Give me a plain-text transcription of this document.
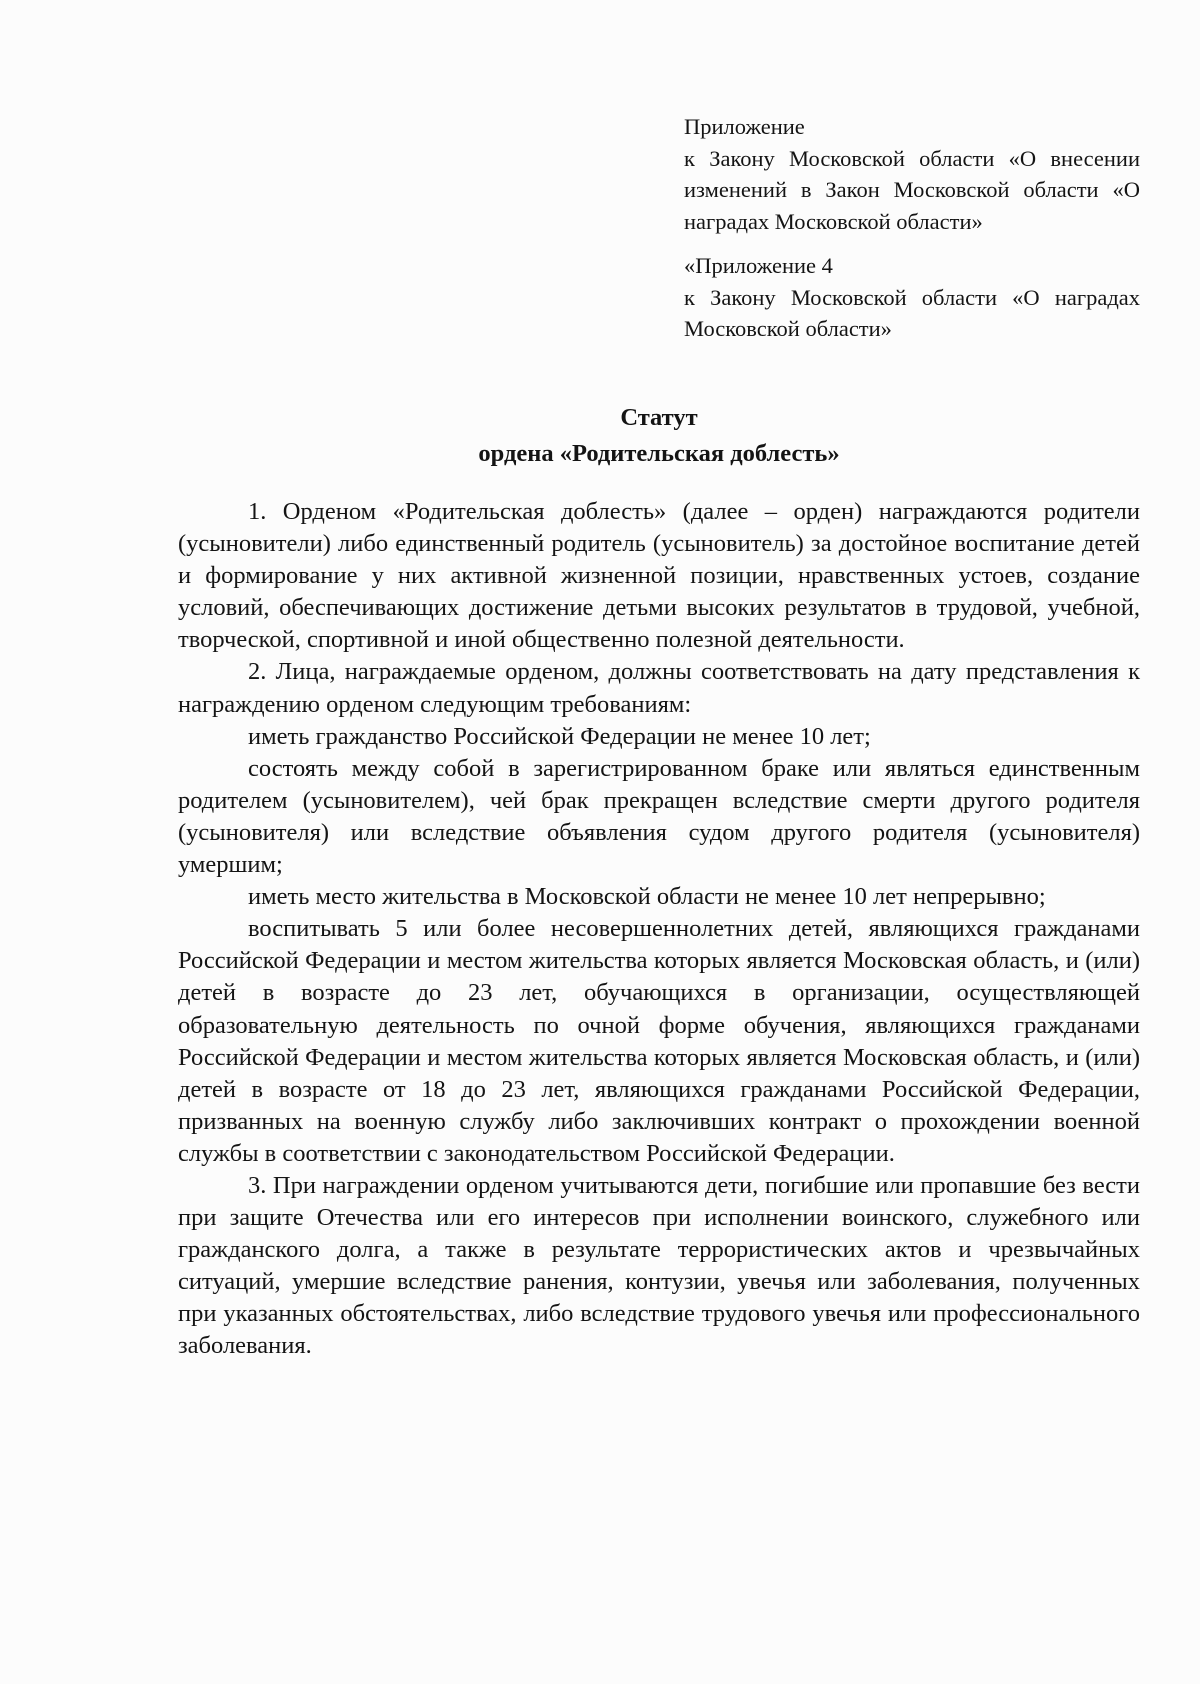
Приложение

к Закону Московской области «О внесении изменений в Закон Московской области «О наградах Московской области»

«Приложение 4

к Закону Московской области «О наградах Московской области»

Статут

ордена «Родительская доблесть»

1. Орденом «Родительская доблесть» (далее – орден) награждаются родители (усыновители) либо единственный родитель (усыновитель) за достойное воспитание детей и формирование у них активной жизненной позиции, нравственных устоев, создание условий, обеспечивающих достижение детьми высоких результатов в трудовой, учебной, творческой, спортивной и иной общественно полезной деятельности.

2. Лица, награждаемые орденом, должны соответствовать на дату представления к награждению орденом следующим требованиям:

иметь гражданство Российской Федерации не менее 10 лет;

состоять между собой в зарегистрированном браке или являться единственным родителем (усыновителем), чей брак прекращен вследствие смерти другого родителя (усыновителя) или вследствие объявления судом другого родителя (усыновителя) умершим;

иметь место жительства в Московской области не менее 10 лет непрерывно;

воспитывать 5 или более несовершеннолетних детей, являющихся гражданами Российской Федерации и местом жительства которых является Московская область, и (или) детей в возрасте до 23 лет, обучающихся в организации, осуществляющей образовательную деятельность по очной форме обучения, являющихся гражданами Российской Федерации и местом жительства которых является Московская область, и (или) детей в возрасте от 18 до 23 лет, являющихся гражданами Российской Федерации, призванных на военную службу либо заключивших контракт о прохождении военной службы в соответствии с законодательством Российской Федерации.

3. При награждении орденом учитываются дети, погибшие или пропавшие без вести при защите Отечества или его интересов при исполнении воинского, служебного или гражданского долга, а также в результате террористических актов и чрезвычайных ситуаций, умершие вследствие ранения, контузии, увечья или заболевания, полученных при указанных обстоятельствах, либо вследствие трудового увечья или профессионального заболевания.
